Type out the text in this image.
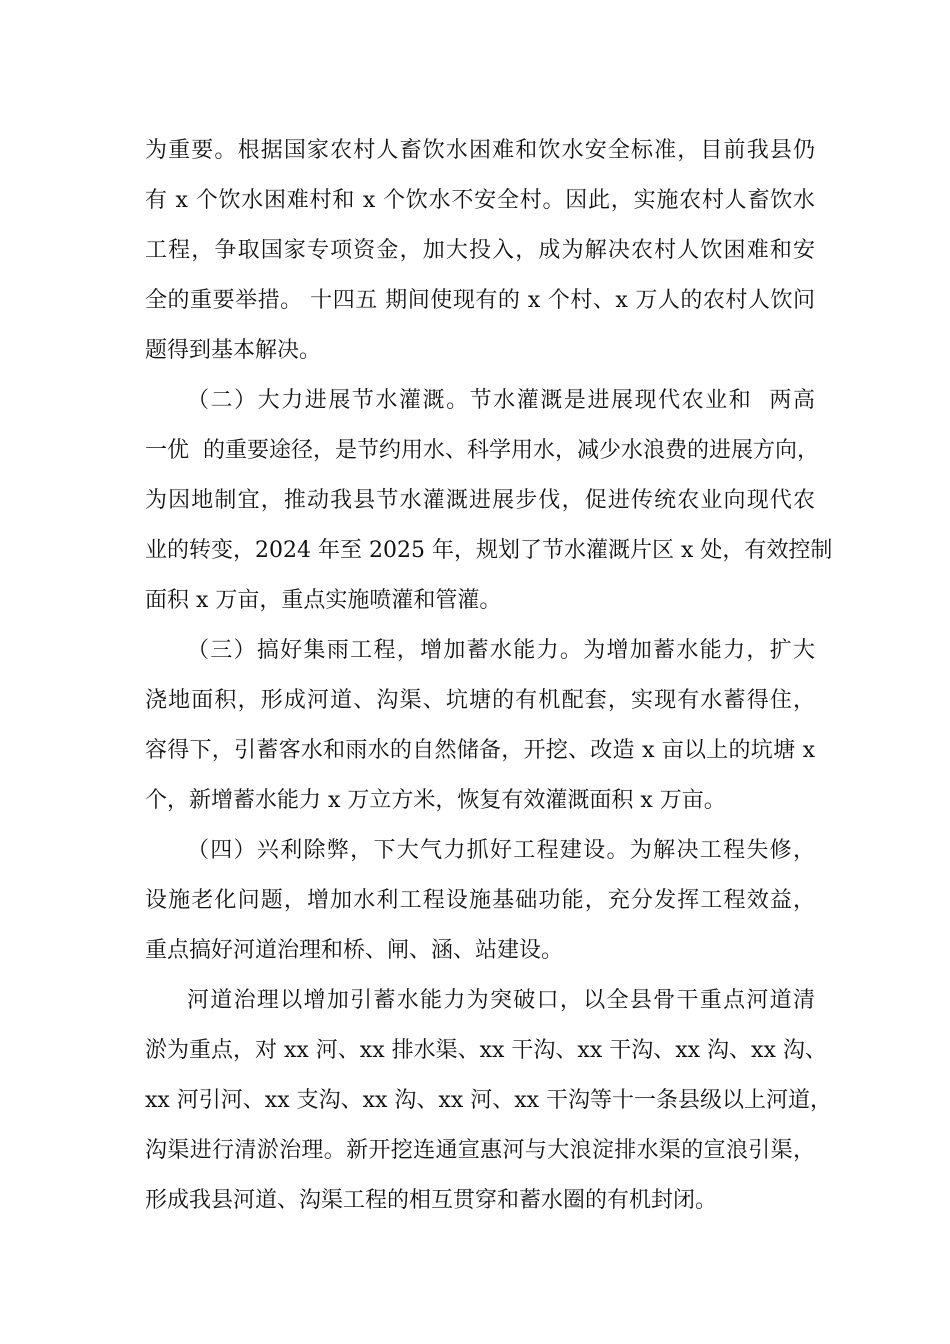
为重要。根据国家农村人畜饮水困难和饮水安全标准，目前我县仍
有 x 个饮水困难村和 x 个饮水不安全村。因此，实施农村人畜饮水
工程，争取国家专项资金，加大投入，成为解决农村人饮困难和安
全的重要举措。 十四五 期间使现有的 x 个村、x 万人的农村人饮问
题得到基本解决。
（二）大力进展节水灌溉。节水灌溉是进展现代农业和  两高
一优  的重要途径，是节约用水、科学用水，减少水浪费的进展方向，
为因地制宜，推动我县节水灌溉进展步伐，促进传统农业向现代农
业的转变，2024 年至 2025 年，规划了节水灌溉片区 x 处，有效控制
面积 x 万亩，重点实施喷灌和管灌。
（三）搞好集雨工程，增加蓄水能力。为增加蓄水能力，扩大
浇地面积，形成河道、沟渠、坑塘的有机配套，实现有水蓄得住，
容得下，引蓄客水和雨水的自然储备，开挖、改造 x 亩以上的坑塘 x
个，新增蓄水能力 x 万立方米，恢复有效灌溉面积 x 万亩。
（四）兴利除弊，下大气力抓好工程建设。为解决工程失修，
设施老化问题，增加水利工程设施基础功能，充分发挥工程效益，
重点搞好河道治理和桥、闸、涵、站建设。
河道治理以增加引蓄水能力为突破口，以全县骨干重点河道清
淤为重点，对 xx 河、xx 排水渠、xx 干沟、xx 干沟、xx 沟、xx 沟、
xx 河引河、xx 支沟、xx 沟、xx 河、xx 干沟等十一条县级以上河道，
沟渠进行清淤治理。新开挖连通宣惠河与大浪淀排水渠的宣浪引渠，
形成我县河道、沟渠工程的相互贯穿和蓄水圈的有机封闭。
